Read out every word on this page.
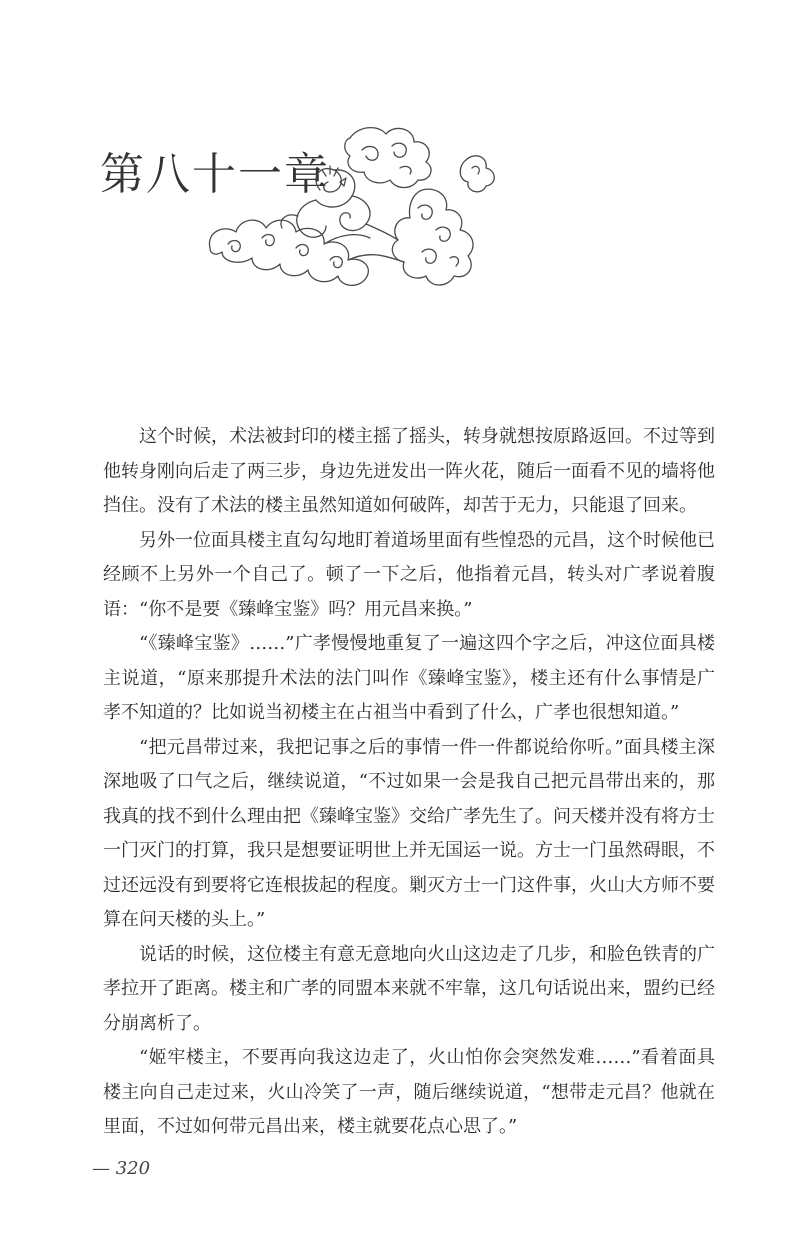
第八十一章

这个时候，术法被封印的楼主摇了摇头，转身就想按原路返回。不过等到他转身刚向后走了两三步，身边先迸发出一阵火花，随后一面看不见的墙将他挡住。没有了术法的楼主虽然知道如何破阵，却苦于无力，只能退了回来。

另外一位面具楼主直勾勾地盯着道场里面有些惶恐的元昌，这个时候他已经顾不上另外一个自己了。顿了一下之后，他指着元昌，转头对广孝说着腹语：“你不是要《臻峰宝鉴》吗？用元昌来换。”

“《臻峰宝鉴》……”广孝慢慢地重复了一遍这四个字之后，冲这位面具楼主说道，“原来那提升术法的法门叫作《臻峰宝鉴》，楼主还有什么事情是广孝不知道的？比如说当初楼主在占祖当中看到了什么，广孝也很想知道。”

“把元昌带过来，我把记事之后的事情一件一件都说给你听。”面具楼主深深地吸了口气之后，继续说道，“不过如果一会是我自己把元昌带出来的，那我真的找不到什么理由把《臻峰宝鉴》交给广孝先生了。问天楼并没有将方士一门灭门的打算，我只是想要证明世上并无国运一说。方士一门虽然碍眼，不过还远没有到要将它连根拔起的程度。剿灭方士一门这件事，火山大方师不要算在问天楼的头上。”

说话的时候，这位楼主有意无意地向火山这边走了几步，和脸色铁青的广孝拉开了距离。楼主和广孝的同盟本来就不牢靠，这几句话说出来，盟约已经分崩离析了。

“姬牢楼主，不要再向我这边走了，火山怕你会突然发难……”看着面具楼主向自己走过来，火山冷笑了一声，随后继续说道，“想带走元昌？他就在里面，不过如何带元昌出来，楼主就要花点心思了。”

— 320
